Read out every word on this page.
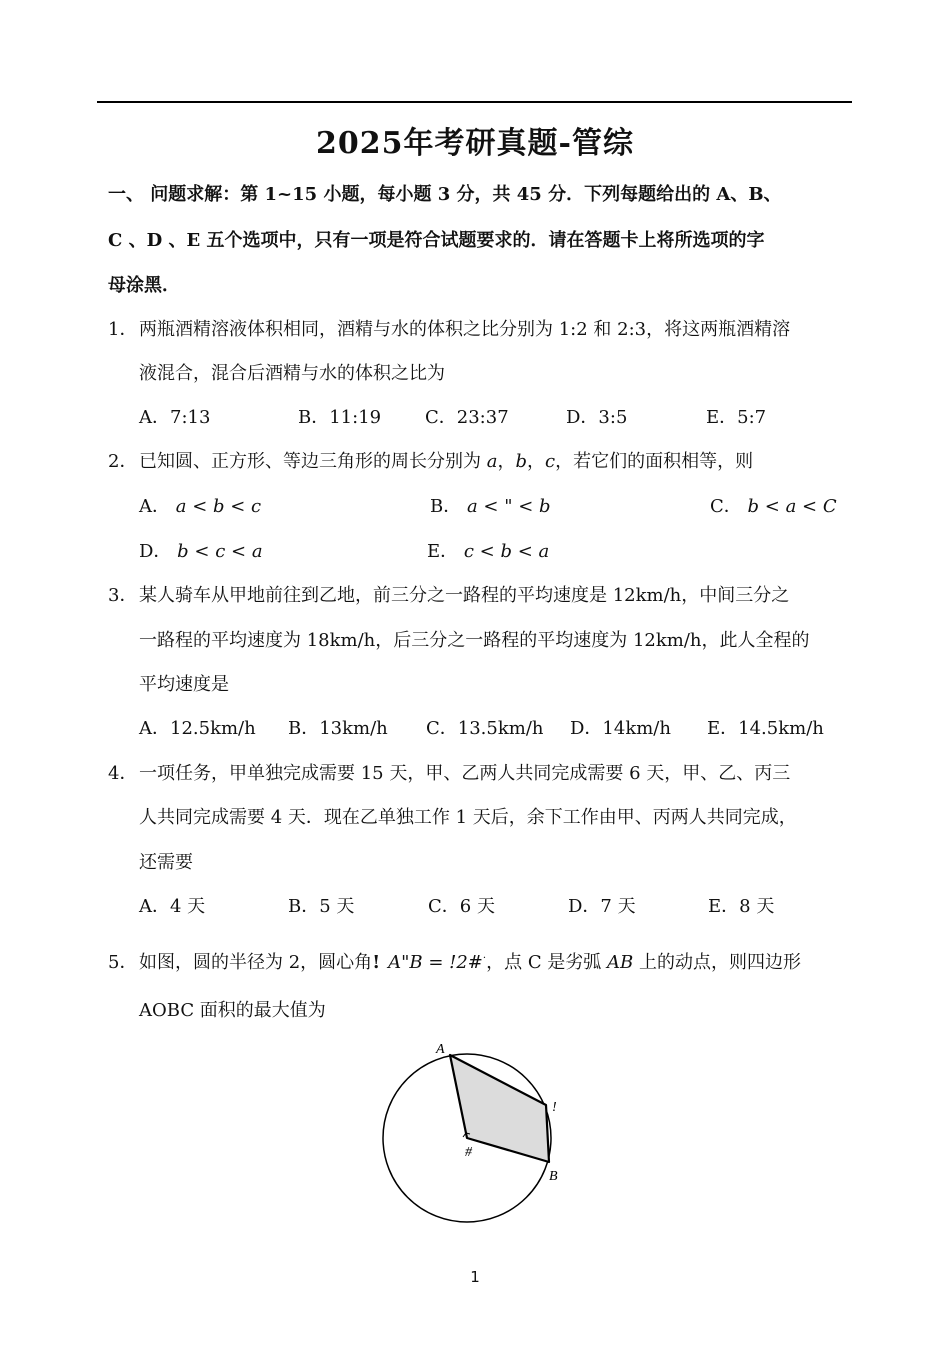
2025年考研真题-管综
一、 问题求解：第 1~15 小题，每小题 3 分，共 45 分．下列每题给出的 A、B、
C 、D 、E 五个选项中，只有一项是符合试题要求的．请在答题卡上将所选项的字
母涂黑．
1．两瓶酒精溶液体积相同，酒精与水的体积之比分别为 1:2 和 2:3，将这两瓶酒精溶
液混合，混合后酒精与水的体积之比为
A．7:13	B．11:19 C．23:37	D．3:5	E．5:7
2．已知圆、正方形、等边三角形的周长分别为 a，b，c，若它们的面积相等，则
A． a < b < c	B． a < " < b	C． b < a < C
D． b < c < a	E． c < b < a
3．某人骑车从甲地前往到乙地，前三分之一路程的平均速度是 12km/h，中间三分之
一路程的平均速度为 18km/h，后三分之一路程的平均速度为 12km/h，此人全程的
平均速度是
A．12.5km/h B．13km/h C．13.5km/h D．14km/h E．14.5km/h
4．一项任务，甲单独完成需要 15 天，甲、乙两人共同完成需要 6 天，甲、乙、丙三
人共同完成需要 4 天．现在乙单独工作 1 天后，余下工作由甲、丙两人共同完成，
还需要
A．4 天	B．5 天	C．6 天	D．7 天	E．8 天
5．如图，圆的半径为 2，圆心角! A"B = !2#·，点 C 是劣弧 AB 上的动点，则四边形
AOBC 面积的最大值为
A
!
#
B
1
